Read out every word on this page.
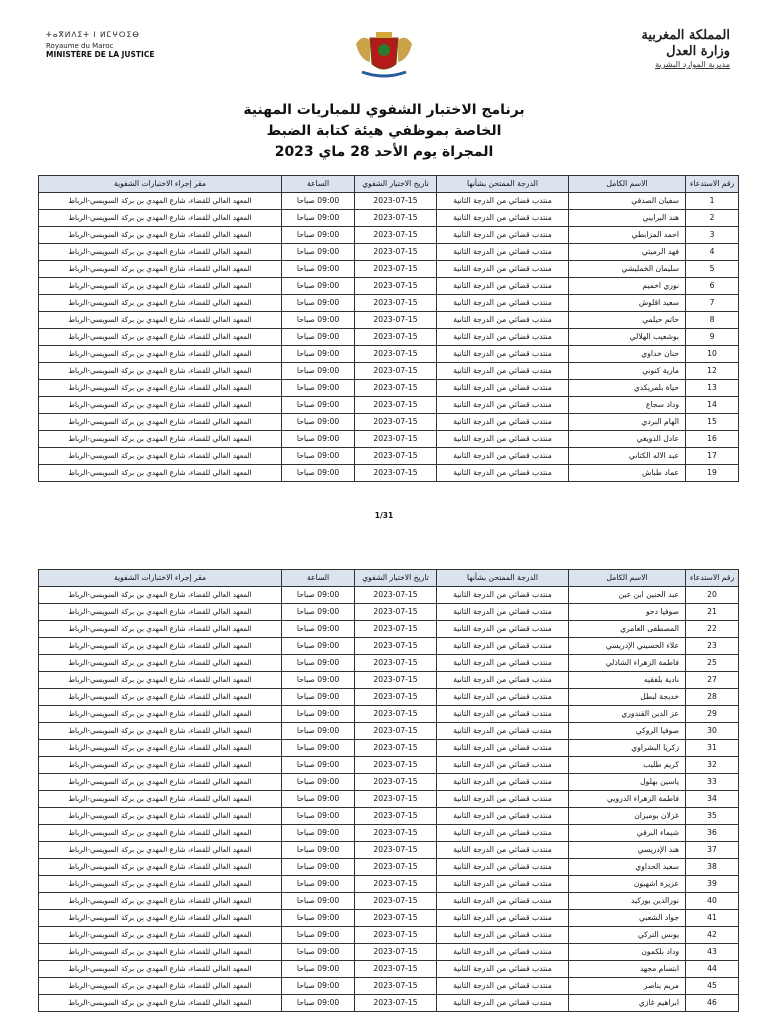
ⵜⴰⴳⵍⴷⵉⵜ ⵏ ⵍⵎⵖⵔⵉⴱ
Royaume du Maroc
MINISTÈRE DE LA JUSTICE
المملكة المغربية
وزارة العدل
مديرية الموارد البشرية
برنامج الاختبار الشفوي للمباريات المهنية
الخاصة بموظفي هيئة كتابة الضبط
المجراة يوم الأحد 28 ماي 2023
رقم الاستدعاء	الاسم الكامل	الدرجة الممتحن بشأنها	تاريخ الاختبار الشفوي	الساعة	مقر إجراء الاختبارات الشفوية
1	سفيان الصدقي	منتدب قضائي من الدرجة الثانية	2023-07-15	09:00 صباحا	المعهد العالي للقضاء، شارع المهدي بن بركة السويسي-الرباط
2	هند البرايبي	منتدب قضائي من الدرجة الثانية	2023-07-15	09:00 صباحا	المعهد العالي للقضاء، شارع المهدي بن بركة السويسي-الرباط
3	احمد المزابطي	منتدب قضائي من الدرجة الثانية	2023-07-15	09:00 صباحا	المعهد العالي للقضاء، شارع المهدي بن بركة السويسي-الرباط
4	فهد الرميثي	منتدب قضائي من الدرجة الثانية	2023-07-15	09:00 صباحا	المعهد العالي للقضاء، شارع المهدي بن بركة السويسي-الرباط
5	سليمان الخمليشي	منتدب قضائي من الدرجة الثانية	2023-07-15	09:00 صباحا	المعهد العالي للقضاء، شارع المهدي بن بركة السويسي-الرباط
6	نوري اخميم	منتدب قضائي من الدرجة الثانية	2023-07-15	09:00 صباحا	المعهد العالي للقضاء، شارع المهدي بن بركة السويسي-الرباط
7	سعيد اقلوش	منتدب قضائي من الدرجة الثانية	2023-07-15	09:00 صباحا	المعهد العالي للقضاء، شارع المهدي بن بركة السويسي-الرباط
8	حاتم حيلمي	منتدب قضائي من الدرجة الثانية	2023-07-15	09:00 صباحا	المعهد العالي للقضاء، شارع المهدي بن بركة السويسي-الرباط
9	بوشعيب الهلالي	منتدب قضائي من الدرجة الثانية	2023-07-15	09:00 صباحا	المعهد العالي للقضاء، شارع المهدي بن بركة السويسي-الرباط
10	حنان خداوي	منتدب قضائي من الدرجة الثانية	2023-07-15	09:00 صباحا	المعهد العالي للقضاء، شارع المهدي بن بركة السويسي-الرباط
12	مارية كنوني	منتدب قضائي من الدرجة الثانية	2023-07-15	09:00 صباحا	المعهد العالي للقضاء، شارع المهدي بن بركة السويسي-الرباط
13	حياة بلمريكدي	منتدب قضائي من الدرجة الثانية	2023-07-15	09:00 صباحا	المعهد العالي للقضاء، شارع المهدي بن بركة السويسي-الرباط
14	وداد سجاع	منتدب قضائي من الدرجة الثانية	2023-07-15	09:00 صباحا	المعهد العالي للقضاء، شارع المهدي بن بركة السويسي-الرباط
15	الهام البردي	منتدب قضائي من الدرجة الثانية	2023-07-15	09:00 صباحا	المعهد العالي للقضاء، شارع المهدي بن بركة السويسي-الرباط
16	عادل الدويغي	منتدب قضائي من الدرجة الثانية	2023-07-15	09:00 صباحا	المعهد العالي للقضاء، شارع المهدي بن بركة السويسي-الرباط
17	عبد الاله الكتاني	منتدب قضائي من الدرجة الثانية	2023-07-15	09:00 صباحا	المعهد العالي للقضاء، شارع المهدي بن بركة السويسي-الرباط
19	عماد طباش	منتدب قضائي من الدرجة الثانية	2023-07-15	09:00 صباحا	المعهد العالي للقضاء، شارع المهدي بن بركة السويسي-الرباط
1/31
رقم الاستدعاء	الاسم الكامل	الدرجة الممتحن بشأنها	تاريخ الاختبار الشفوي	الساعة	مقر إجراء الاختبارات الشفوية
20	عبد الحنين ابن عين	منتدب قضائي من الدرجة الثانية	2023-07-15	09:00 صباحا	المعهد العالي للقضاء، شارع المهدي بن بركة السويسي-الرباط
21	صوفيا دحو	منتدب قضائي من الدرجة الثانية	2023-07-15	09:00 صباحا	المعهد العالي للقضاء، شارع المهدي بن بركة السويسي-الرباط
22	المصطفى العامري	منتدب قضائي من الدرجة الثانية	2023-07-15	09:00 صباحا	المعهد العالي للقضاء، شارع المهدي بن بركة السويسي-الرباط
23	علاء الحسيني الإدريسي	منتدب قضائي من الدرجة الثانية	2023-07-15	09:00 صباحا	المعهد العالي للقضاء، شارع المهدي بن بركة السويسي-الرباط
25	فاطمة الزهراء الشاذلي	منتدب قضائي من الدرجة الثانية	2023-07-15	09:00 صباحا	المعهد العالي للقضاء، شارع المهدي بن بركة السويسي-الرباط
27	نادية بلفقيه	منتدب قضائي من الدرجة الثانية	2023-07-15	09:00 صباحا	المعهد العالي للقضاء، شارع المهدي بن بركة السويسي-الرباط
28	خديجة لبطل	منتدب قضائي من الدرجة الثانية	2023-07-15	09:00 صباحا	المعهد العالي للقضاء، شارع المهدي بن بركة السويسي-الرباط
29	عز الدين القندوري	منتدب قضائي من الدرجة الثانية	2023-07-15	09:00 صباحا	المعهد العالي للقضاء، شارع المهدي بن بركة السويسي-الرباط
30	صوفيا الروكي	منتدب قضائي من الدرجة الثانية	2023-07-15	09:00 صباحا	المعهد العالي للقضاء، شارع المهدي بن بركة السويسي-الرباط
31	زكريا البشراوي	منتدب قضائي من الدرجة الثانية	2023-07-15	09:00 صباحا	المعهد العالي للقضاء، شارع المهدي بن بركة السويسي-الرباط
32	كريم طليب	منتدب قضائي من الدرجة الثانية	2023-07-15	09:00 صباحا	المعهد العالي للقضاء، شارع المهدي بن بركة السويسي-الرباط
33	ياسين بهلول	منتدب قضائي من الدرجة الثانية	2023-07-15	09:00 صباحا	المعهد العالي للقضاء، شارع المهدي بن بركة السويسي-الرباط
34	فاطمة الزهراء الدرويي	منتدب قضائي من الدرجة الثانية	2023-07-15	09:00 صباحا	المعهد العالي للقضاء، شارع المهدي بن بركة السويسي-الرباط
35	غزلان بوميزان	منتدب قضائي من الدرجة الثانية	2023-07-15	09:00 صباحا	المعهد العالي للقضاء، شارع المهدي بن بركة السويسي-الرباط
36	شيماء البرقي	منتدب قضائي من الدرجة الثانية	2023-07-15	09:00 صباحا	المعهد العالي للقضاء، شارع المهدي بن بركة السويسي-الرباط
37	هند الإدريسي	منتدب قضائي من الدرجة الثانية	2023-07-15	09:00 صباحا	المعهد العالي للقضاء، شارع المهدي بن بركة السويسي-الرباط
38	سعيد الحداوي	منتدب قضائي من الدرجة الثانية	2023-07-15	09:00 صباحا	المعهد العالي للقضاء، شارع المهدي بن بركة السويسي-الرباط
39	عزيزة اشهبون	منتدب قضائي من الدرجة الثانية	2023-07-15	09:00 صباحا	المعهد العالي للقضاء، شارع المهدي بن بركة السويسي-الرباط
40	نورالدين بوركيد	منتدب قضائي من الدرجة الثانية	2023-07-15	09:00 صباحا	المعهد العالي للقضاء، شارع المهدي بن بركة السويسي-الرباط
41	جواد الشعبي	منتدب قضائي من الدرجة الثانية	2023-07-15	09:00 صباحا	المعهد العالي للقضاء، شارع المهدي بن بركة السويسي-الرباط
42	يونس التركي	منتدب قضائي من الدرجة الثانية	2023-07-15	09:00 صباحا	المعهد العالي للقضاء، شارع المهدي بن بركة السويسي-الرباط
43	وداد بلكمون	منتدب قضائي من الدرجة الثانية	2023-07-15	09:00 صباحا	المعهد العالي للقضاء، شارع المهدي بن بركة السويسي-الرباط
44	ابتسام مجهد	منتدب قضائي من الدرجة الثانية	2023-07-15	09:00 صباحا	المعهد العالي للقضاء، شارع المهدي بن بركة السويسي-الرباط
45	مريم بناصر	منتدب قضائي من الدرجة الثانية	2023-07-15	09:00 صباحا	المعهد العالي للقضاء، شارع المهدي بن بركة السويسي-الرباط
46	ابراهيم غازي	منتدب قضائي من الدرجة الثانية	2023-07-15	09:00 صباحا	المعهد العالي للقضاء، شارع المهدي بن بركة السويسي-الرباط
